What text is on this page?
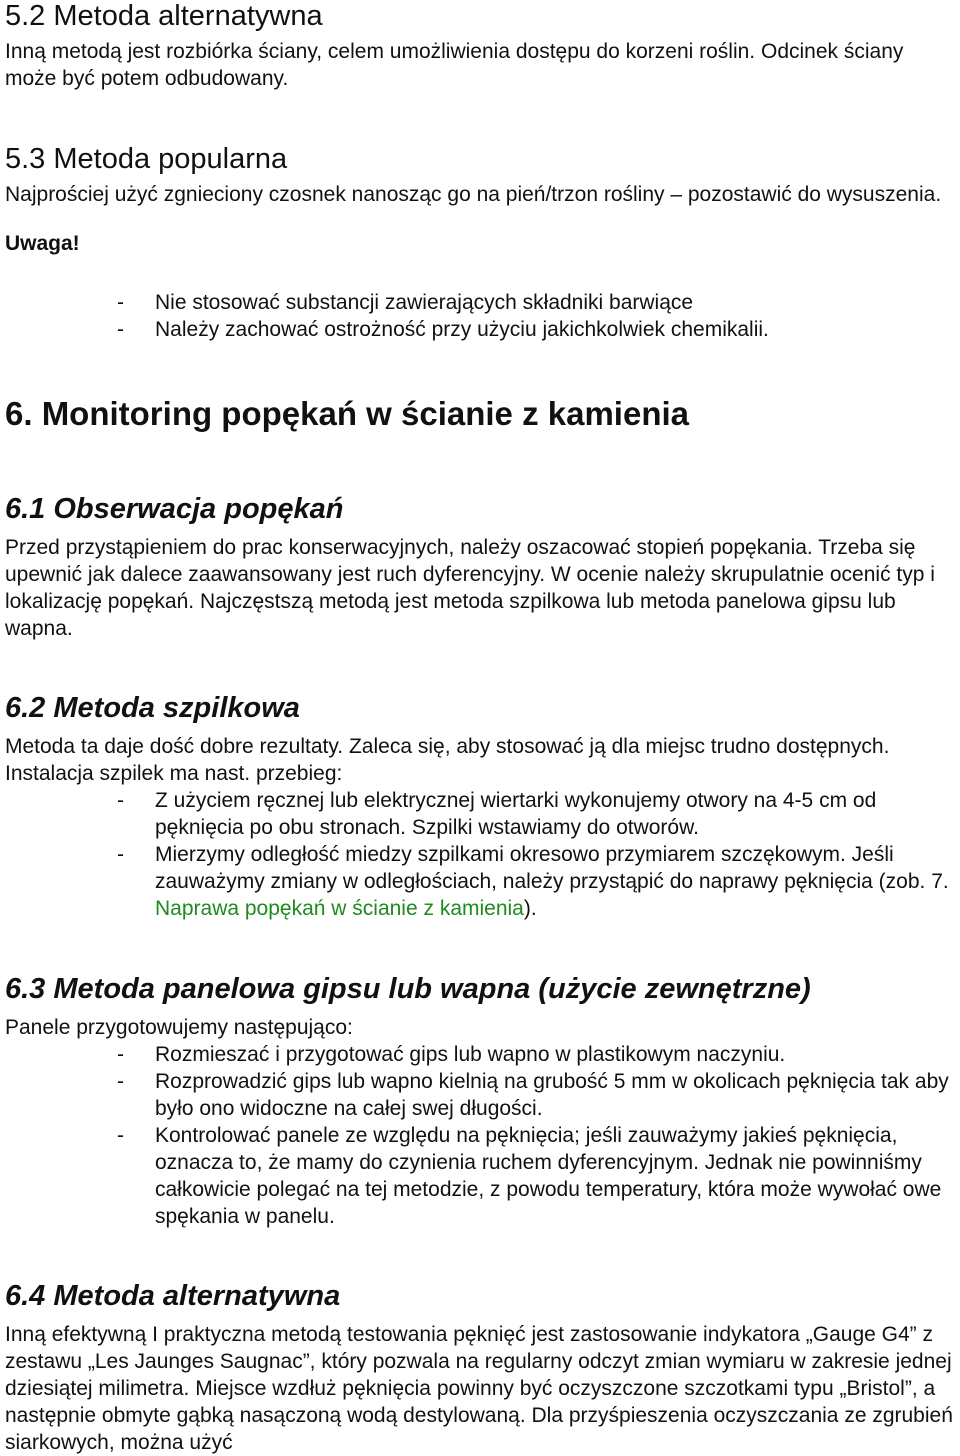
5.2 Metoda alternatywna

Inną metodą jest rozbiórka ściany, celem umożliwienia dostępu do korzeni roślin. Odcinek ściany może być potem odbudowany.

5.3 Metoda popularna

Najprościej użyć zgnieciony czosnek nanosząc go na pień/trzon rośliny – pozostawić do wysuszenia.

Uwaga!

- Nie stosować substancji zawierających składniki barwiące
- Należy zachować ostrożność przy użyciu jakichkolwiek chemikalii.
6. Monitoring popękań w ścianie z kamienia
6.1 Obserwacja popękań

Przed przystąpieniem do prac konserwacyjnych, należy oszacować stopień popękania. Trzeba się upewnić jak dalece zaawansowany jest ruch dyferencyjny. W ocenie należy skrupulatnie ocenić typ i lokalizację popękań. Najczęstszą metodą jest metoda szpilkowa lub metoda panelowa gipsu lub wapna.

6.2 Metoda szpilkowa

Metoda ta daje dość dobre rezultaty. Zaleca się, aby stosować ją dla miejsc trudno dostępnych. Instalacja szpilek ma nast. przebieg:

- Z użyciem ręcznej lub elektrycznej wiertarki wykonujemy otwory na 4-5 cm od pęknięcia po obu stronach. Szpilki wstawiamy do otworów.
- Mierzymy odległość miedzy szpilkami okresowo przymiarem szczękowym. Jeśli zauważymy zmiany w odległościach, należy przystąpić do naprawy pęknięcia (zob. 7. Naprawa popękań w ścianie z kamienia).
6.3 Metoda panelowa gipsu lub wapna (użycie zewnętrzne)

Panele przygotowujemy następująco:

- Rozmieszać i przygotować gips lub wapno w plastikowym naczyniu.
- Rozprowadzić gips lub wapno kielnią na grubość 5 mm w okolicach pęknięcia tak aby było ono widoczne na całej swej długości.
- Kontrolować panele ze względu na pęknięcia; jeśli zauważymy jakieś pęknięcia, oznacza to, że mamy do czynienia ruchem dyferencyjnym. Jednak nie powinniśmy całkowicie polegać na tej metodzie, z powodu temperatury, która może wywołać owe spękania w panelu.
6.4 Metoda alternatywna

Inną efektywną I praktyczna metodą testowania pęknięć jest zastosowanie indykatora „Gauge G4” z zestawu „Les Jaunges Saugnac”, który pozwala na regularny odczyt zmian wymiaru w zakresie jednej dziesiątej milimetra. Miejsce wzdłuż pęknięcia powinny być oczyszczone szczotkami typu „Bristol”, a następnie obmyte gąbką nasączoną wodą destylowaną. Dla przyśpieszenia oczyszczania ze zgrubień siarkowych, można użyć
